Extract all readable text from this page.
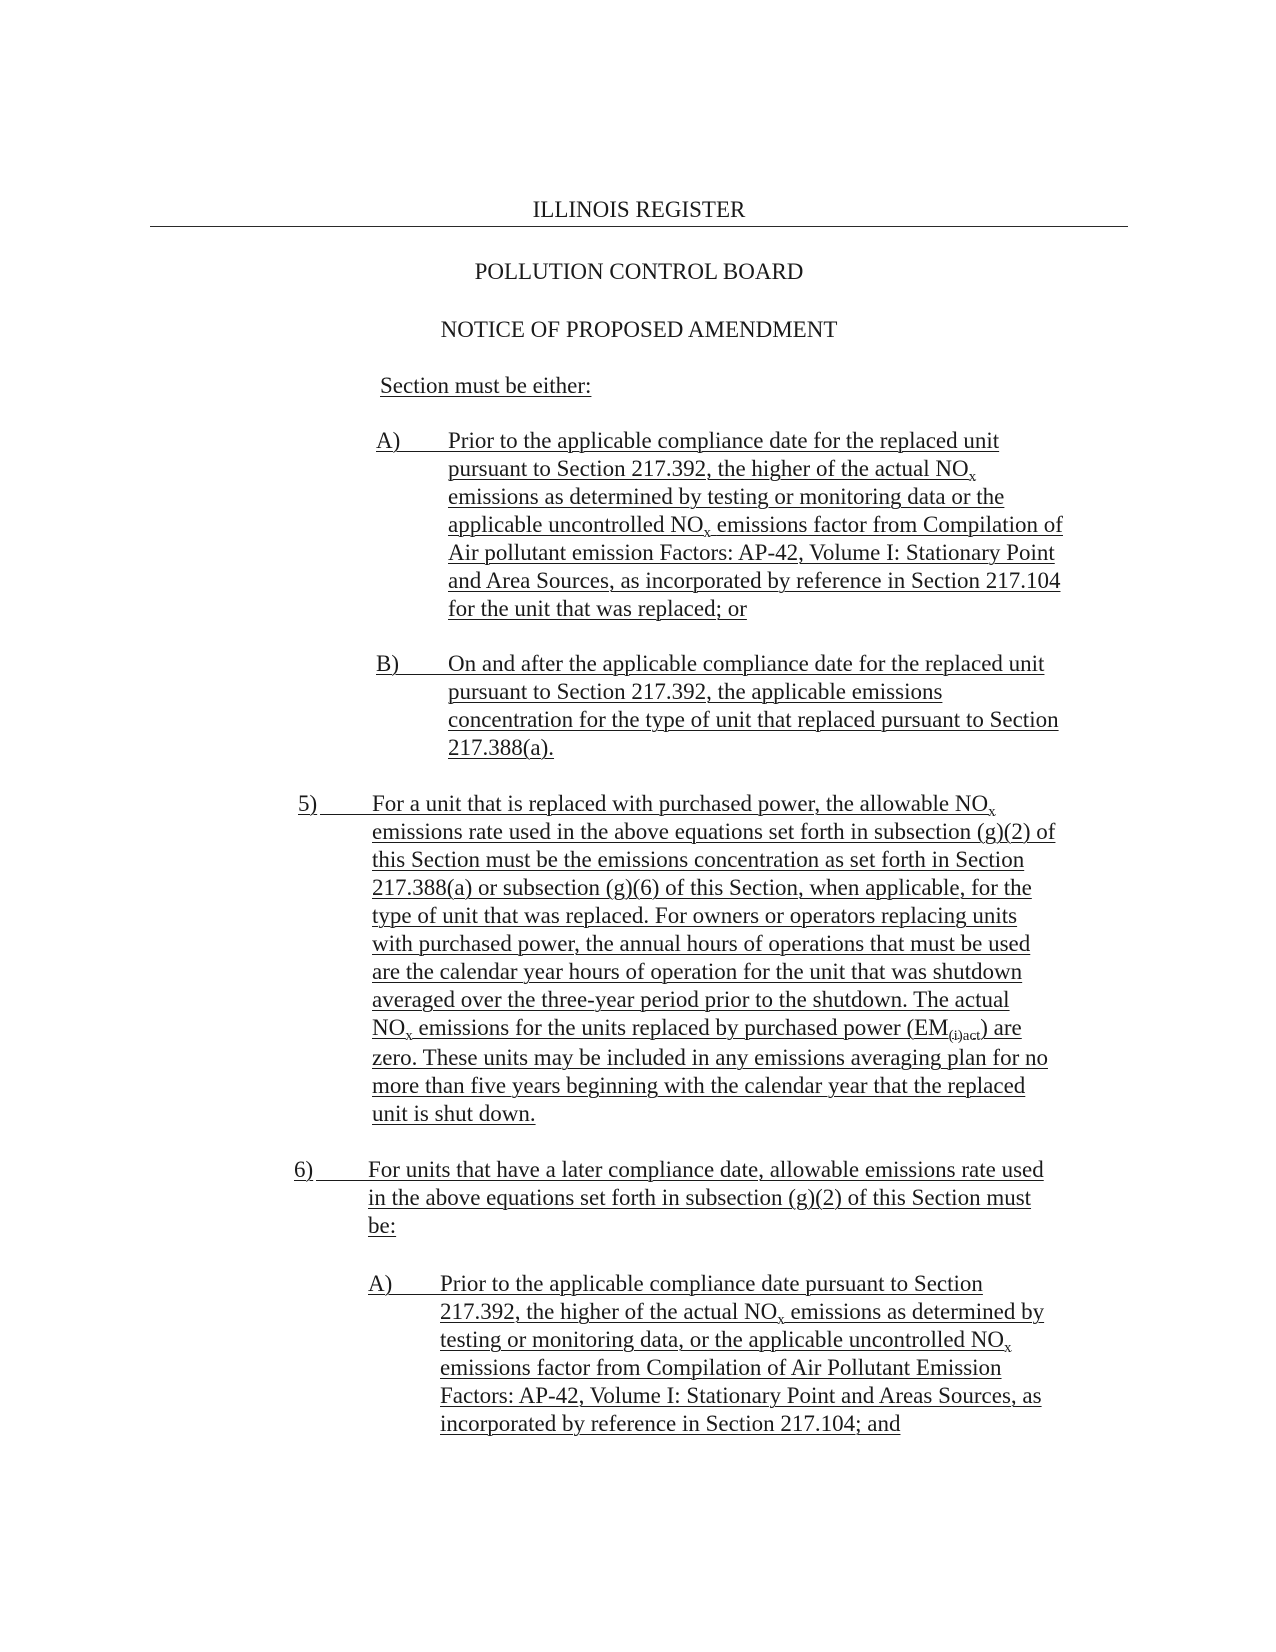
ILLINOIS REGISTER
POLLUTION CONTROL BOARD
NOTICE OF PROPOSED AMENDMENT
Section must be either:
A) Prior to the applicable compliance date for the replaced unit
pursuant to Section 217.392, the higher of the actual $NO_x$
emissions as determined by testing or monitoring data or the
applicable uncontrolled $NO_x$ emissions factor from Compilation of
Air pollutant emission Factors: AP-42, Volume I: Stationary Point
and Area Sources, as incorporated by reference in Section 217.104
for the unit that was replaced; or
B) On and after the applicable compliance date for the replaced unit
pursuant to Section 217.392, the applicable emissions
concentration for the type of unit that replaced pursuant to Section
217.388(a).
5) For a unit that is replaced with purchased power, the allowable $NO_x$
emissions rate used in the above equations set forth in subsection (g)(2) of
this Section must be the emissions concentration as set forth in Section
217.388(a) or subsection (g)(6) of this Section, when applicable, for the
type of unit that was replaced. For owners or operators replacing units
with purchased power, the annual hours of operations that must be used
are the calendar year hours of operation for the unit that was shutdown
averaged over the three-year period prior to the shutdown. The actual
$NO_x$ emissions for the units replaced by purchased power $(EM_{(i)act})$ are
zero. These units may be included in any emissions averaging plan for no
more than five years beginning with the calendar year that the replaced
unit is shut down.
6) For units that have a later compliance date, allowable emissions rate used
in the above equations set forth in subsection (g)(2) of this Section must
be:
A) Prior to the applicable compliance date pursuant to Section
217.392, the higher of the actual $NO_x$ emissions as determined by
testing or monitoring data, or the applicable uncontrolled $NO_x$
emissions factor from Compilation of Air Pollutant Emission
Factors: AP-42, Volume I: Stationary Point and Areas Sources, as
incorporated by reference in Section 217.104; and
